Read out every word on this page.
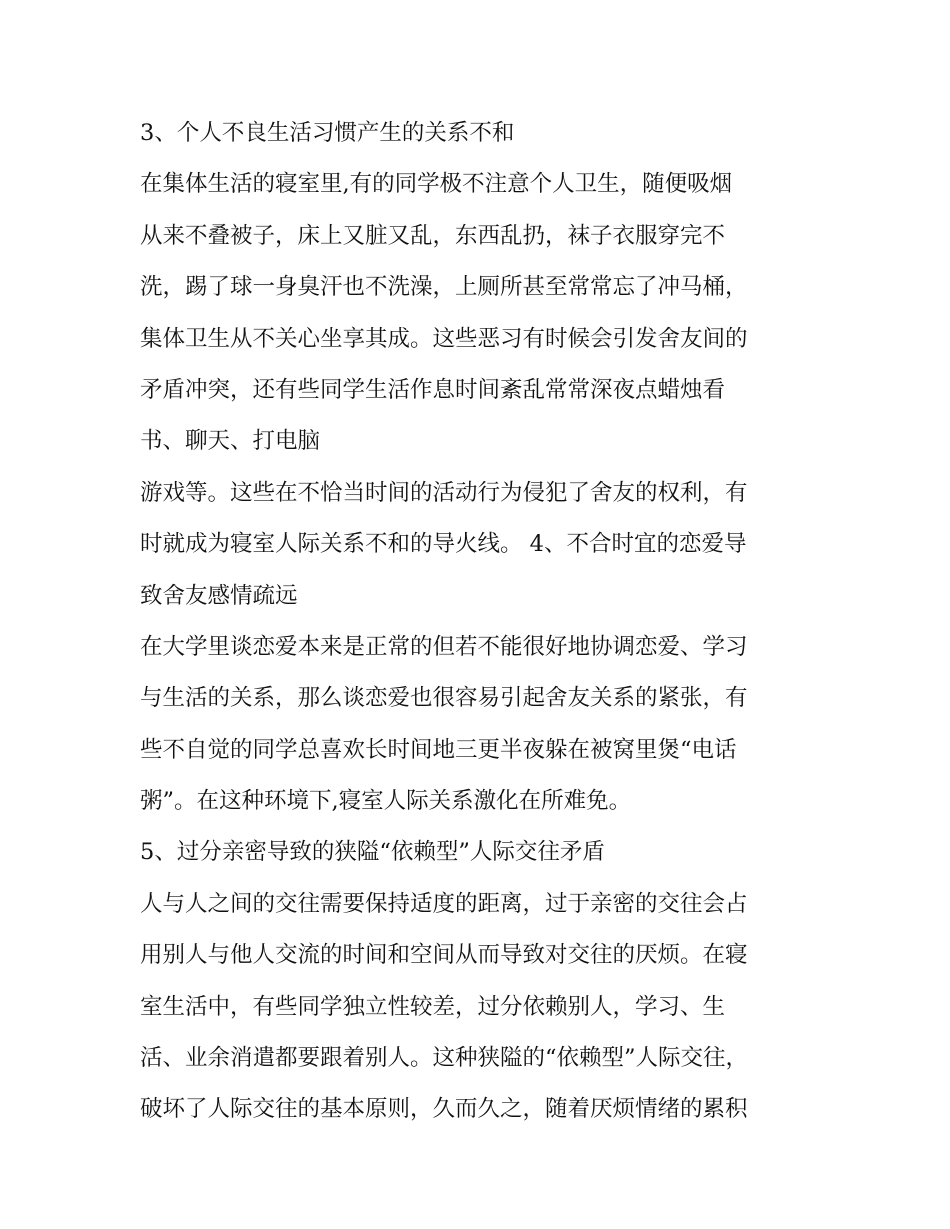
3、个人不良生活习惯产生的关系不和
在集体生活的寝室里,有的同学极不注意个人卫生，随便吸烟
从来不叠被子，床上又脏又乱，东西乱扔，袜子衣服穿完不
洗，踢了球一身臭汗也不洗澡，上厕所甚至常常忘了冲马桶，
集体卫生从不关心坐享其成。这些恶习有时候会引发舍友间的
矛盾冲突，还有些同学生活作息时间紊乱常常深夜点蜡烛看
书、聊天、打电脑
游戏等。这些在不恰当时间的活动行为侵犯了舍友的权利，有
时就成为寝室人际关系不和的导火线。 4、不合时宜的恋爱导
致舍友感情疏远
在大学里谈恋爱本来是正常的但若不能很好地协调恋爱、学习
与生活的关系，那么谈恋爱也很容易引起舍友关系的紧张，有
些不自觉的同学总喜欢长时间地三更半夜躲在被窝里煲“电话
粥”。在这种环境下,寝室人际关系激化在所难免。
5、过分亲密导致的狭隘“依赖型”人际交往矛盾
人与人之间的交往需要保持适度的距离，过于亲密的交往会占
用别人与他人交流的时间和空间从而导致对交往的厌烦。在寝
室生活中，有些同学独立性较差，过分依赖别人，学习、生
活、业余消遣都要跟着别人。这种狭隘的“依赖型”人际交往，
破坏了人际交往的基本原则，久而久之，随着厌烦情绪的累积
